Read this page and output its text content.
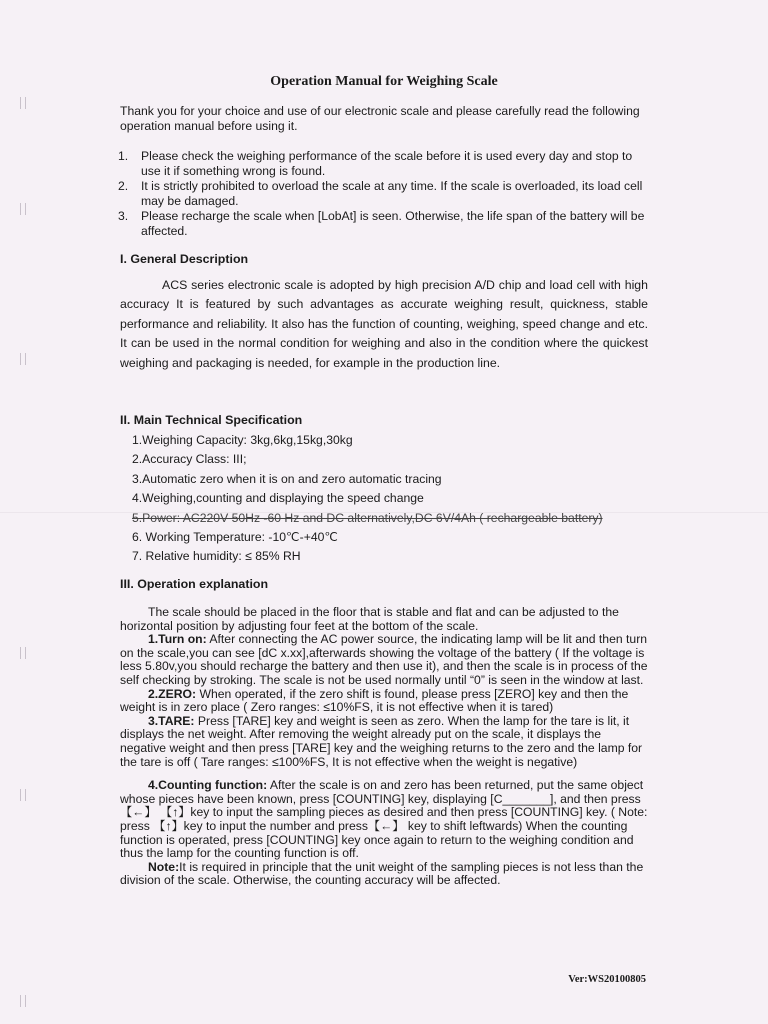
Operation Manual for Weighing Scale
Thank you for your choice and use of our electronic scale and please carefully read the following operation manual before using it.
1. Please check the weighing performance of the scale before it is used every day and stop to use it if something wrong is found.
2. It is strictly prohibited to overload the scale at any time. If the scale is overloaded, its load cell may be damaged.
3. Please recharge the scale when [LobAt] is seen. Otherwise, the life span of the battery will be affected.
I. General Description
ACS series electronic scale is adopted by high precision A/D chip and load cell with high accuracy It is featured by such advantages as accurate weighing result, quickness, stable performance and reliability. It also has the function of counting, weighing, speed change and etc. It can be used in the normal condition for weighing and also in the condition where the quickest weighing and packaging is needed, for example in the production line.
II. Main Technical Specification
1.Weighing Capacity: 3kg,6kg,15kg,30kg
2.Accuracy Class: III;
3.Automatic zero when it is on and zero automatic tracing
4.Weighing,counting and displaying the speed change
5.Power: AC220V 50Hz -60 Hz and DC alternatively,DC 6V/4Ah ( rechargeable battery)
6. Working Temperature: -10℃-+40℃
7. Relative humidity: ≤ 85% RH
III. Operation explanation
The scale should be placed in the floor that is stable and flat and can be adjusted to the horizontal position by adjusting four feet at the bottom of the scale.
1.Turn on: After connecting the AC power source, the indicating lamp will be lit and then turn on the scale,you can see [dC x.xx],afterwards showing the voltage of the battery ( If the voltage is less 5.80v,you should recharge the battery and then use it), and then the scale is in process of the self checking by stroking. The scale is not be used normally until “0” is seen in the window at last.
2.ZERO: When operated, if the zero shift is found, please press [ZERO] key and then the weight is in zero place ( Zero ranges: ≤10%FS, it is not effective when it is tared)
3.TARE: Press [TARE] key and weight is seen as zero. When the lamp for the tare is lit, it displays the net weight. After removing the weight already put on the scale, it displays the negative weight and then press [TARE] key and the weighing returns to the zero and the lamp for the tare is off ( Tare ranges: ≤100%FS, It is not effective when the weight is negative)
4.Counting function: After the scale is on and zero has been returned, put the same object whose pieces have been known, press [COUNTING] key, displaying [C_______], and then press 【←】 【↑】key to input the sampling pieces as desired and then press [COUNTING] key. ( Note: press 【↑】key to input the number and press【←】 key to shift leftwards) When the counting function is operated, press [COUNTING] key once again to return to the weighing condition and thus the lamp for the counting function is off.
Note:It is required in principle that the unit weight of the sampling pieces is not less than the division of the scale. Otherwise, the counting accuracy will be affected.
Ver:WS20100805
